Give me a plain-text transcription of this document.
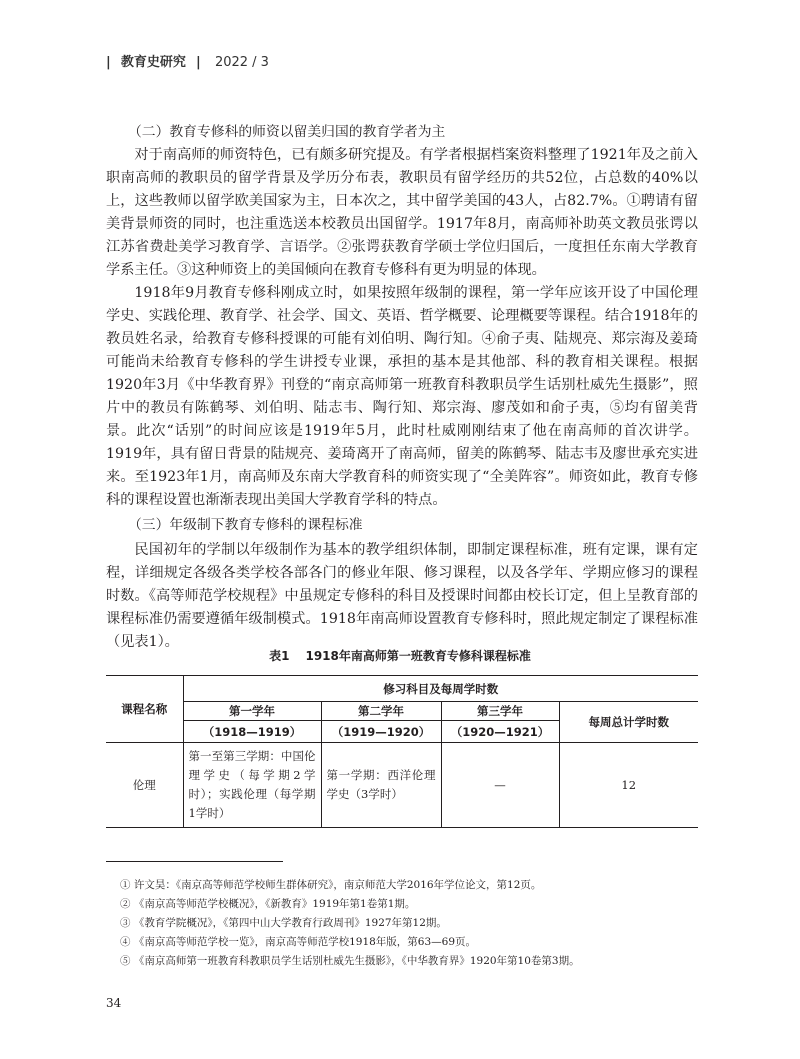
| 教育史研究 | 2022 / 3
（二）教育专修科的师资以留美归国的教育学者为主

对于南高师的师资特色，已有颇多研究提及。有学者根据档案资料整理了1921年及之前入职南高师的教职员的留学背景及学历分布表，教职员有留学经历的共52位，占总数的40%以上，这些教师以留学欧美国家为主，日本次之，其中留学美国的43人，占82.7%。①聘请有留美背景师资的同时，也注重选送本校教员出国留学。1917年8月，南高师补助英文教员张谔以江苏省费赴美学习教育学、言语学。②张谔获教育学硕士学位归国后，一度担任东南大学教育学系主任。③这种师资上的美国倾向在教育专修科有更为明显的体现。

1918年9月教育专修科刚成立时，如果按照年级制的课程，第一学年应该开设了中国伦理学史、实践伦理、教育学、社会学、国文、英语、哲学概要、论理概要等课程。结合1918年的教员姓名录，给教育专修科授课的可能有刘伯明、陶行知。④俞子夷、陆规亮、郑宗海及姜琦可能尚未给教育专修科的学生讲授专业课，承担的基本是其他部、科的教育相关课程。根据1920年3月《中华教育界》刊登的“南京高师第一班教育科教职员学生话别杜威先生摄影”，照片中的教员有陈鹤琴、刘伯明、陆志韦、陶行知、郑宗海、廖茂如和俞子夷，⑤均有留美背景。此次“话别”的时间应该是1919年5月，此时杜威刚刚结束了他在南高师的首次讲学。1919年，具有留日背景的陆规亮、姜琦离开了南高师，留美的陈鹤琴、陆志韦及廖世承充实进来。至1923年1月，南高师及东南大学教育科的师资实现了“全美阵容”。师资如此，教育专修科的课程设置也渐渐表现出美国大学教育学科的特点。

（三）年级制下教育专修科的课程标准

民国初年的学制以年级制作为基本的教学组织体制，即制定课程标准，班有定课，课有定程，详细规定各级各类学校各部各门的修业年限、修习课程，以及各学年、学期应修习的课程时数。《高等师范学校规程》中虽规定专修科的科目及授课时间都由校长订定，但上呈教育部的课程标准仍需要遵循年级制模式。1918年南高师设置教育专修科时，照此规定制定了课程标准（见表1）。

表1 1918年南高师第一班教育专修科课程标准
课程名称	修习科目及每周学时数			
	第一学年	第二学年	第三学年	每周总计学时数
	（1918—1919）	（1919—1920）	（1920—1921）	
伦理	第一至第三学期：中国伦理学史（每学期2学时）；实践伦理（每学期1学时）	第一学期：西洋伦理学史（3学时）	—	12
① 许文昊：《南京高等师范学校师生群体研究》，南京师范大学2016年学位论文，第12页。
② 《南京高等师范学校概况》，《新教育》1919年第1卷第1期。
③ 《教育学院概况》，《第四中山大学教育行政周刊》1927年第12期。
④ 《南京高等师范学校一览》，南京高等师范学校1918年版，第63—69页。
⑤ 《南京高师第一班教育科教职员学生话别杜威先生摄影》，《中华教育界》1920年第10卷第3期。
34
